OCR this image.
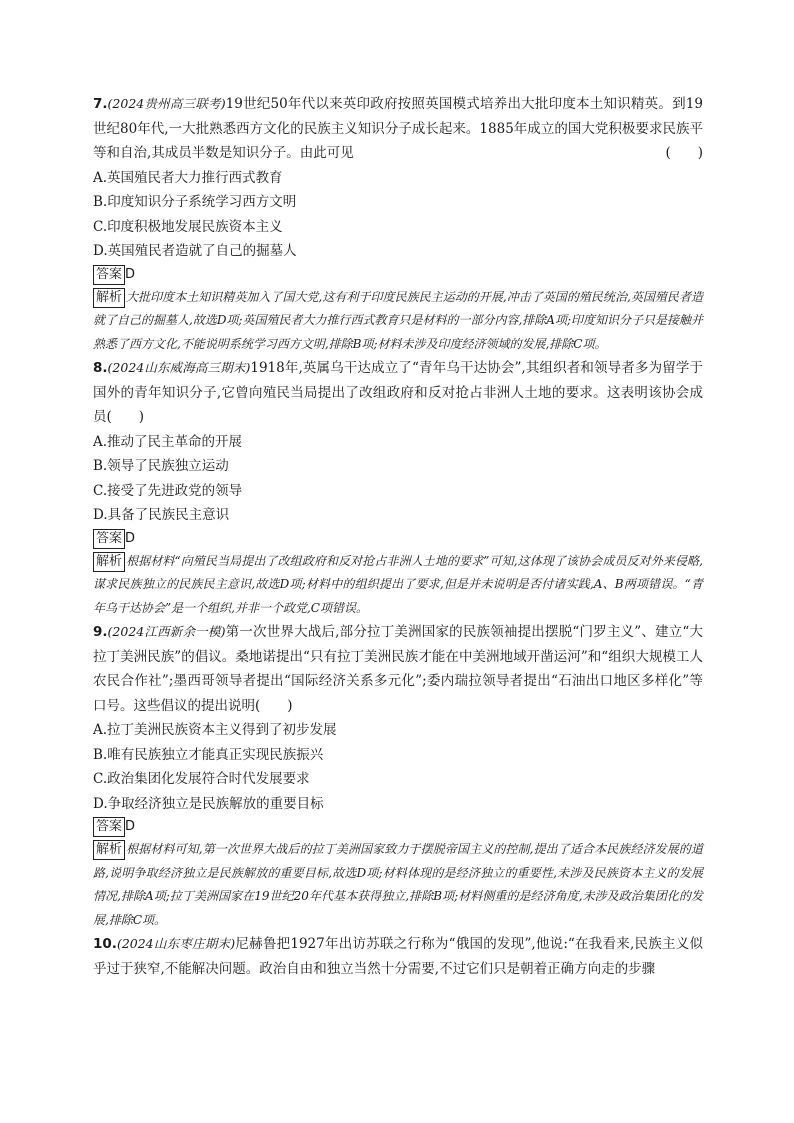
7.(2024贵州高三联考)19世纪50年代以来英印政府按照英国模式培养出大批印度本土知识精英。到19世纪80年代,一大批熟悉西方文化的民族主义知识分子成长起来。1885年成立的国大党积极要求民族平等和自治,其成员半数是知识分子。由此可见	(　　)

A.英国殖民者大力推行西式教育

B.印度知识分子系统学习西方文明

C.印度积极地发展民族资本主义

D.英国殖民者造就了自己的掘墓人

答案 D

解析 大批印度本土知识精英加入了国大党,这有利于印度民族民主运动的开展,冲击了英国的殖民统治,英国殖民者造就了自己的掘墓人,故选D项;英国殖民者大力推行西式教育只是材料的一部分内容,排除A项;印度知识分子只是接触并熟悉了西方文化,不能说明系统学习西方文明,排除B项;材料未涉及印度经济领域的发展,排除C项。

8.(2024山东威海高三期末)1918年,英属乌干达成立了“青年乌干达协会”,其组织者和领导者多为留学于国外的青年知识分子,它曾向殖民当局提出了改组政府和反对抢占非洲人土地的要求。这表明该协会成员(　　)

A.推动了民主革命的开展

B.领导了民族独立运动

C.接受了先进政党的领导

D.具备了民族民主意识

答案 D

解析 根据材料“向殖民当局提出了改组政府和反对抢占非洲人土地的要求”可知,这体现了该协会成员反对外来侵略,谋求民族独立的民族民主意识,故选D项;材料中的组织提出了要求,但是并未说明是否付诸实践,A、B两项错误。“青年乌干达协会”是一个组织,并非一个政党,C项错误。

9.(2024江西新余一模)第一次世界大战后,部分拉丁美洲国家的民族领袖提出摆脱“门罗主义”、建立“大拉丁美洲民族”的倡议。桑地诺提出“只有拉丁美洲民族才能在中美洲地域开凿运河”和“组织大规模工人农民合作社”;墨西哥领导者提出“国际经济关系多元化”;委内瑞拉领导者提出“石油出口地区多样化”等口号。这些倡议的提出说明(　　)

A.拉丁美洲民族资本主义得到了初步发展

B.唯有民族独立才能真正实现民族振兴

C.政治集团化发展符合时代发展要求

D.争取经济独立是民族解放的重要目标

答案 D

解析 根据材料可知,第一次世界大战后的拉丁美洲国家致力于摆脱帝国主义的控制,提出了适合本民族经济发展的道路,说明争取经济独立是民族解放的重要目标,故选D项;材料体现的是经济独立的重要性,未涉及民族资本主义的发展情况,排除A项;拉丁美洲国家在19世纪20年代基本获得独立,排除B项;材料侧重的是经济角度,未涉及政治集团化的发展,排除C项。

10.(2024山东枣庄期末)尼赫鲁把1927年出访苏联之行称为“俄国的发现”,他说:“在我看来,民族主义似乎过于狭窄,不能解决问题。政治自由和独立当然十分需要,不过它们只是朝着正确方向走的步骤
